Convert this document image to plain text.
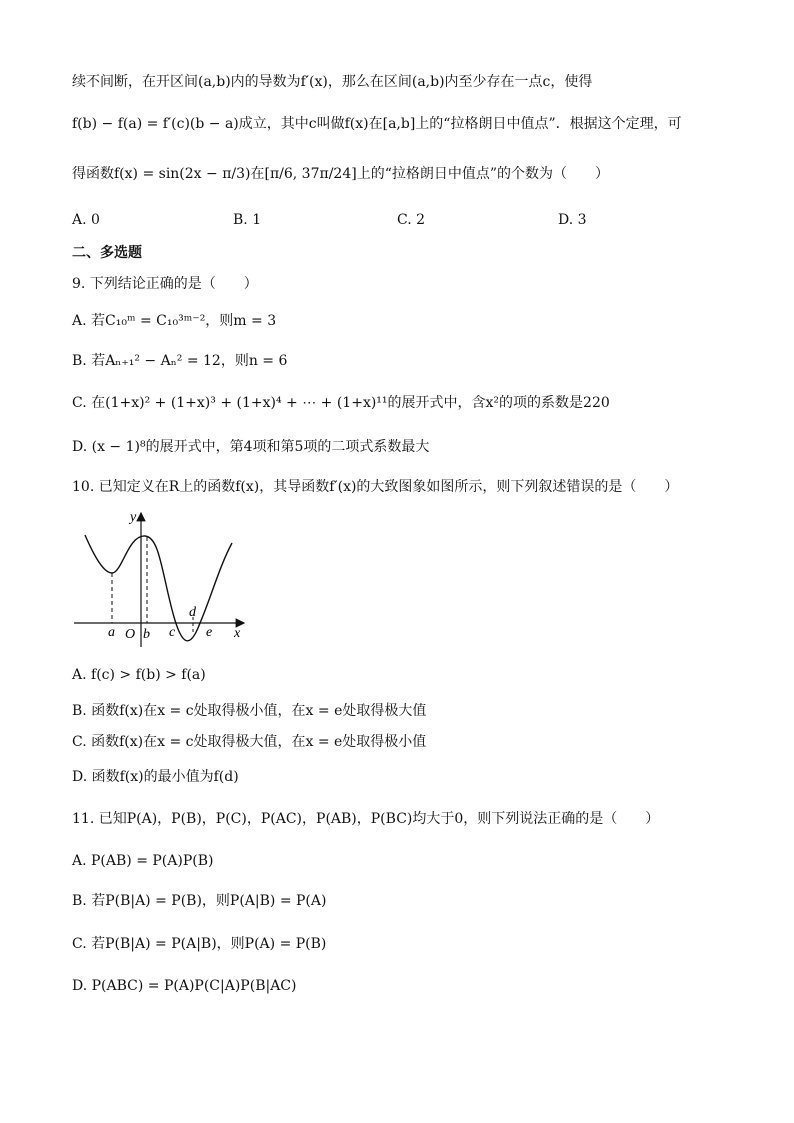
续不间断，在开区间(a,b)内的导数为f′(x)，那么在区间(a,b)内至少存在一点c，使得
f(b) − f(a) = f′(c)(b − a)成立，其中c叫做f(x)在[a,b]上的“拉格朗日中值点”．根据这个定理，可
得函数f(x) = sin(2x − π/3)在[π/6, 37π/24]上的“拉格朗日中值点”的个数为（　　）
A. 0	B. 1	C. 2	D. 3
二、多选题
9. 下列结论正确的是（　　）
A. 若C₁₀ᵐ = C₁₀³ᵐ⁻²，则m = 3
B. 若Aₙ₊₁² − Aₙ² = 12，则n = 6
C. 在(1+x)² + (1+x)³ + (1+x)⁴ + ⋯ + (1+x)¹¹的展开式中，含x²的项的系数是220
D. (x − 1)⁸的展开式中，第4项和第5项的二项式系数最大
10. 已知定义在R上的函数f(x)，其导函数f′(x)的大致图象如图所示，则下列叙述错误的是（　　）
y
x
O
a b c
d
e
A. f(c) > f(b) > f(a)
B. 函数f(x)在x = c处取得极小值，在x = e处取得极大值
C. 函数f(x)在x = c处取得极大值，在x = e处取得极小值
D. 函数f(x)的最小值为f(d)
11. 已知P(A)，P(B)，P(C)，P(AC)，P(AB)，P(BC)均大于0，则下列说法正确的是（　　）
A. P(AB) = P(A)P(B)
B. 若P(B|A) = P(B)，则P(A|B) = P(A)
C. 若P(B|A) = P(A|B)，则P(A) = P(B)
D. P(ABC) = P(A)P(C|A)P(B|AC)
